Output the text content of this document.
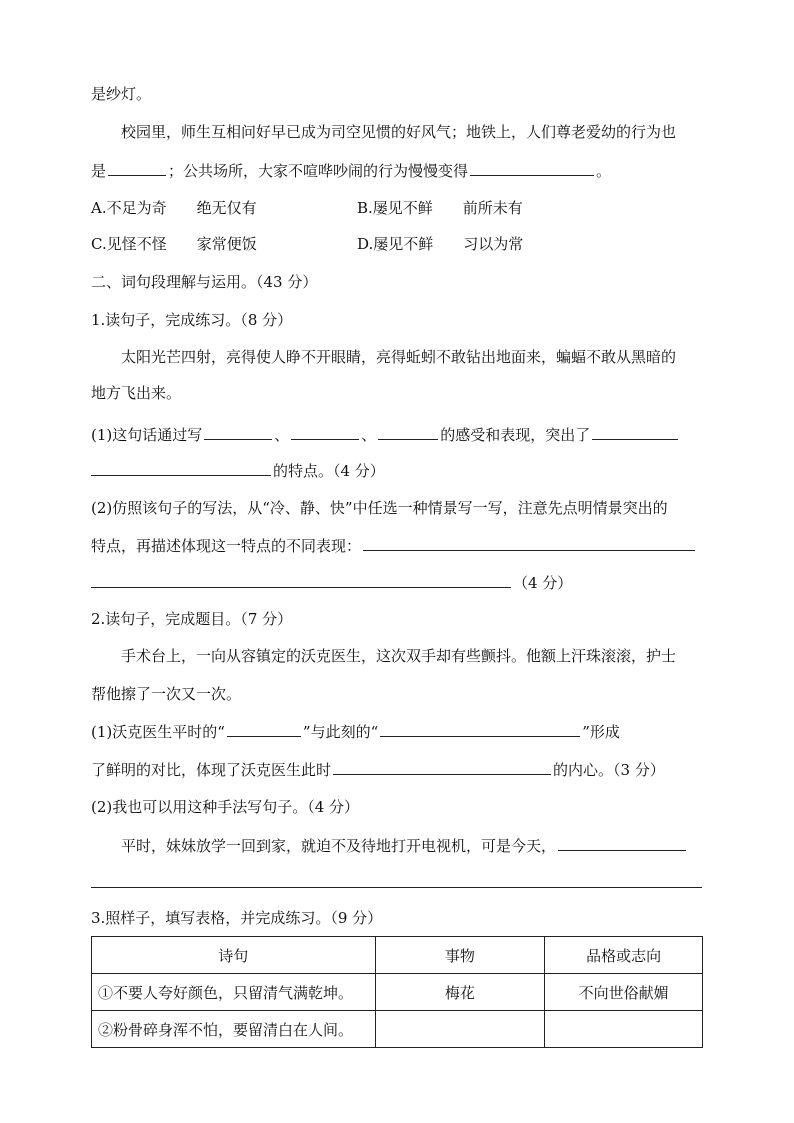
是纱灯。
校园里，师生互相问好早已成为司空见惯的好风气；地铁上，人们尊老爱幼的行为也
是	；公共场所，大家不喧哗吵闹的行为慢慢变得	。
A.不足为奇　　绝无仅有	B.屡见不鲜　　前所未有
C.见怪不怪　　家常便饭	D.屡见不鲜　　习以为常
二、词句段理解与运用。（43 分）
1.读句子，完成练习。（8 分）
太阳光芒四射，亮得使人睁不开眼睛，亮得蚯蚓不敢钻出地面来，蝙蝠不敢从黑暗的
地方飞出来。
(1)这句话通过写	、	、	的感受和表现，突出了
的特点。（4 分）
(2)仿照该句子的写法，从“冷、静、快”中任选一种情景写一写，注意先点明情景突出的
特点，再描述体现这一特点的不同表现：
（4 分）
2.读句子，完成题目。（7 分）
手术台上，一向从容镇定的沃克医生，这次双手却有些颤抖。他额上汗珠滚滚，护士
帮他擦了一次又一次。
(1)沃克医生平时的“	”与此刻的“	”形成
了鲜明的对比，体现了沃克医生此时	的内心。（3 分）
(2)我也可以用这种手法写句子。（4 分）
平时，妹妹放学一回到家，就迫不及待地打开电视机，可是今天，
3.照样子，填写表格，并完成练习。（9 分）
诗句	事物	品格或志向
①不要人夸好颜色，只留清气满乾坤。	梅花	不向世俗献媚
②粉骨碎身浑不怕，要留清白在人间。		
